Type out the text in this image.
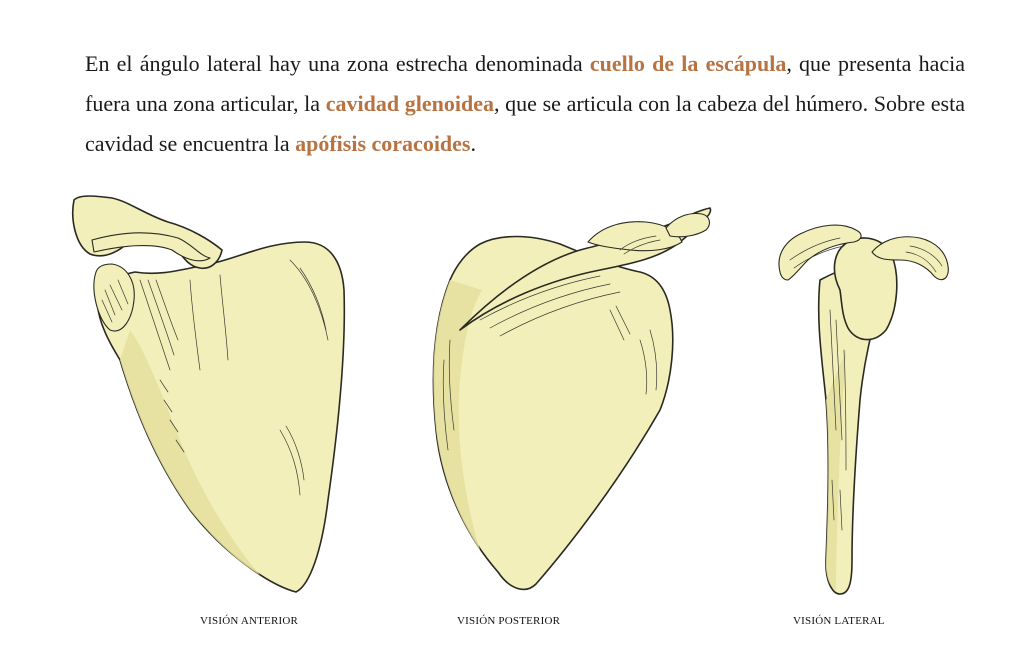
En el ángulo lateral hay una zona estrecha denominada cuello de la escápula, que presenta hacia fuera una zona articular, la cavidad glenoidea, que se articula con la cabeza del húmero. Sobre esta cavidad se encuentra la apófisis coracoides.

VISIÓN ANTERIOR	VISIÓN POSTERIOR	VISIÓN LATERAL
